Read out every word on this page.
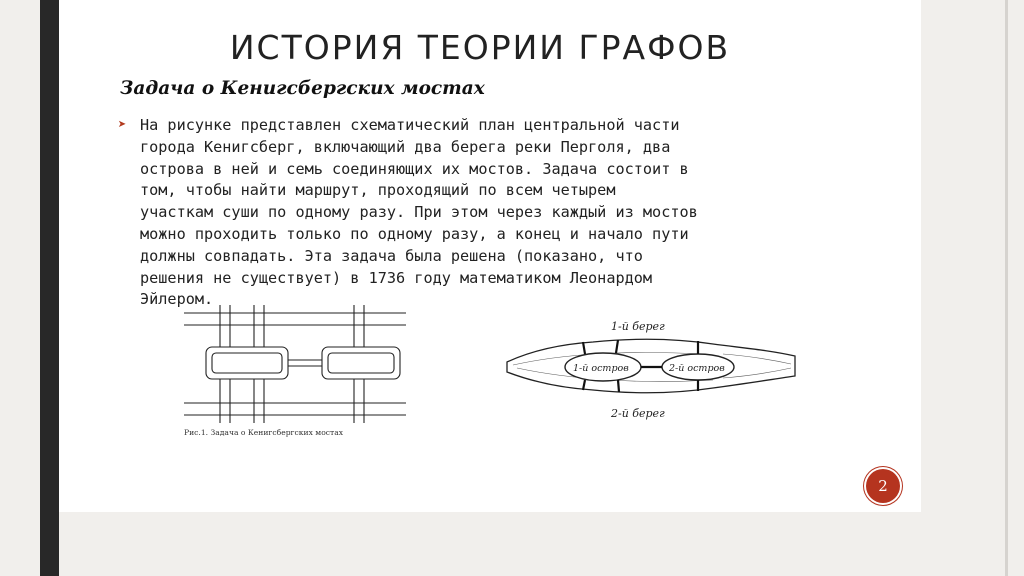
ИСТОРИЯ ТЕОРИИ ГРАФОВ
Задача о Кенигсбергских мостах
➤ На рисунке представлен схематический план центральной части
города Кенигсберг, включающий два берега реки Перголя, два
острова в ней и семь соединяющих их мостов. Задача состоит в
том, чтобы найти маршрут, проходящий по всем четырем
участкам суши по одному разу. При этом через каждый из мостов
можно проходить только по одному разу, а конец и начало пути
должны совпадать. Эта задача была решена (показано, что
решения не существует) в 1736 году математиком Леонардом
Эйлером.
Рис.1. Задача о Кенигсбергских мостах
1-й берег
2-й берег
1-й остров	2-й остров
2
